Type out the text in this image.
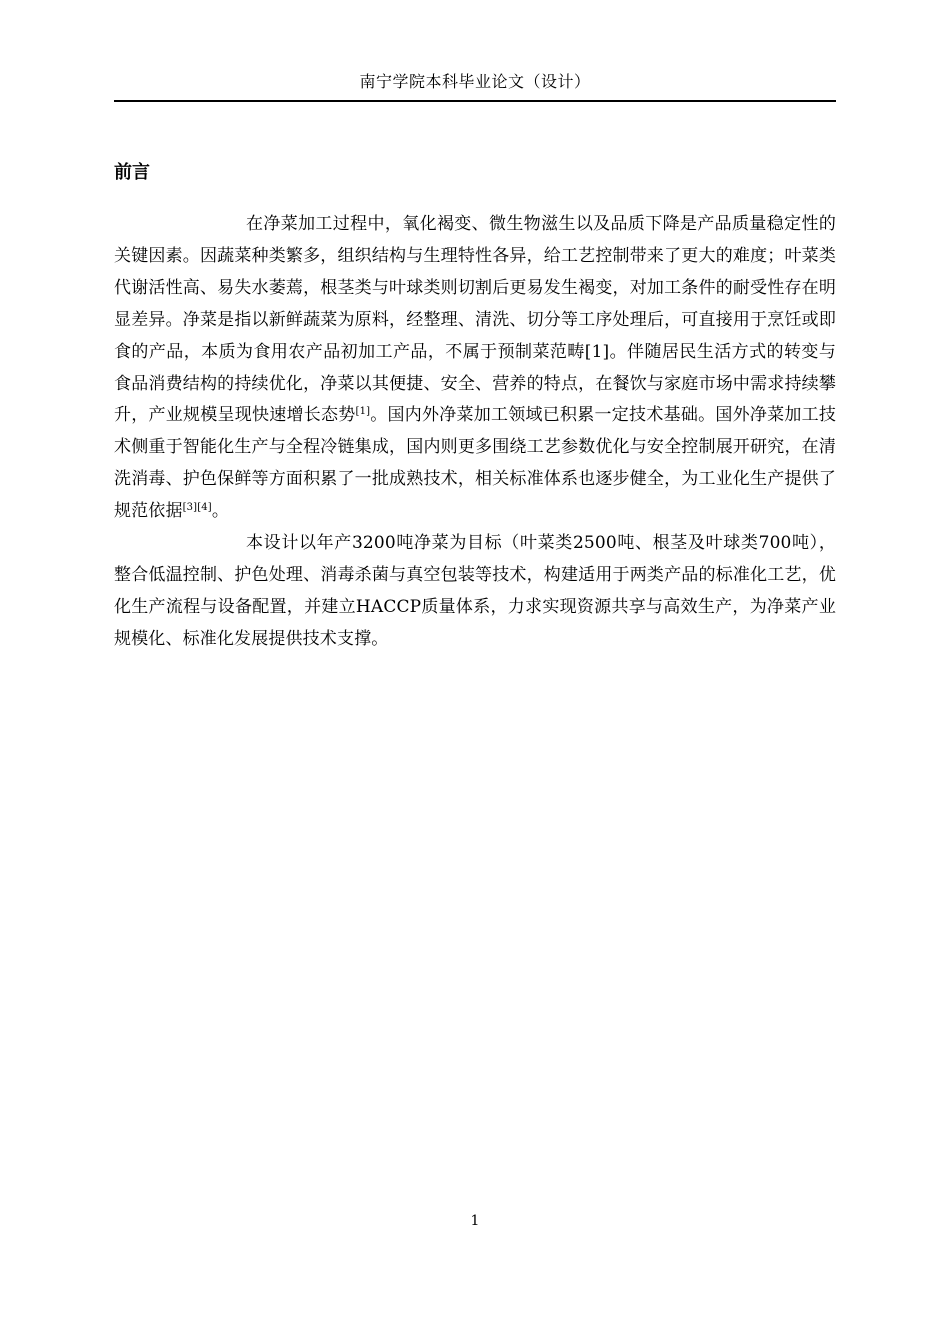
南宁学院本科毕业论文（设计）
前言

在净菜加工过程中，氧化褐变、微生物滋生以及品质下降是产品质量稳定性的关键因素。因蔬菜种类繁多，组织结构与生理特性各异，给工艺控制带来了更大的难度；叶菜类代谢活性高、易失水萎蔫，根茎类与叶球类则切割后更易发生褐变，对加工条件的耐受性存在明显差异。净菜是指以新鲜蔬菜为原料，经整理、清洗、切分等工序处理后，可直接用于烹饪或即食的产品，本质为食用农产品初加工产品，不属于预制菜范畴[1]。伴随居民生活方式的转变与食品消费结构的持续优化，净菜以其便捷、安全、营养的特点，在餐饮与家庭市场中需求持续攀升，产业规模呈现快速增长态势[1]。国内外净菜加工领域已积累一定技术基础。国外净菜加工技术侧重于智能化生产与全程冷链集成，国内则更多围绕工艺参数优化与安全控制展开研究，在清洗消毒、护色保鲜等方面积累了一批成熟技术，相关标准体系也逐步健全，为工业化生产提供了规范依据[3][4]。

本设计以年产3200吨净菜为目标（叶菜类2500吨、根茎及叶球类700吨），整合低温控制、护色处理、消毒杀菌与真空包装等技术，构建适用于两类产品的标准化工艺，优化生产流程与设备配置，并建立HACCP质量体系，力求实现资源共享与高效生产，为净菜产业规模化、标准化发展提供技术支撑。

1
